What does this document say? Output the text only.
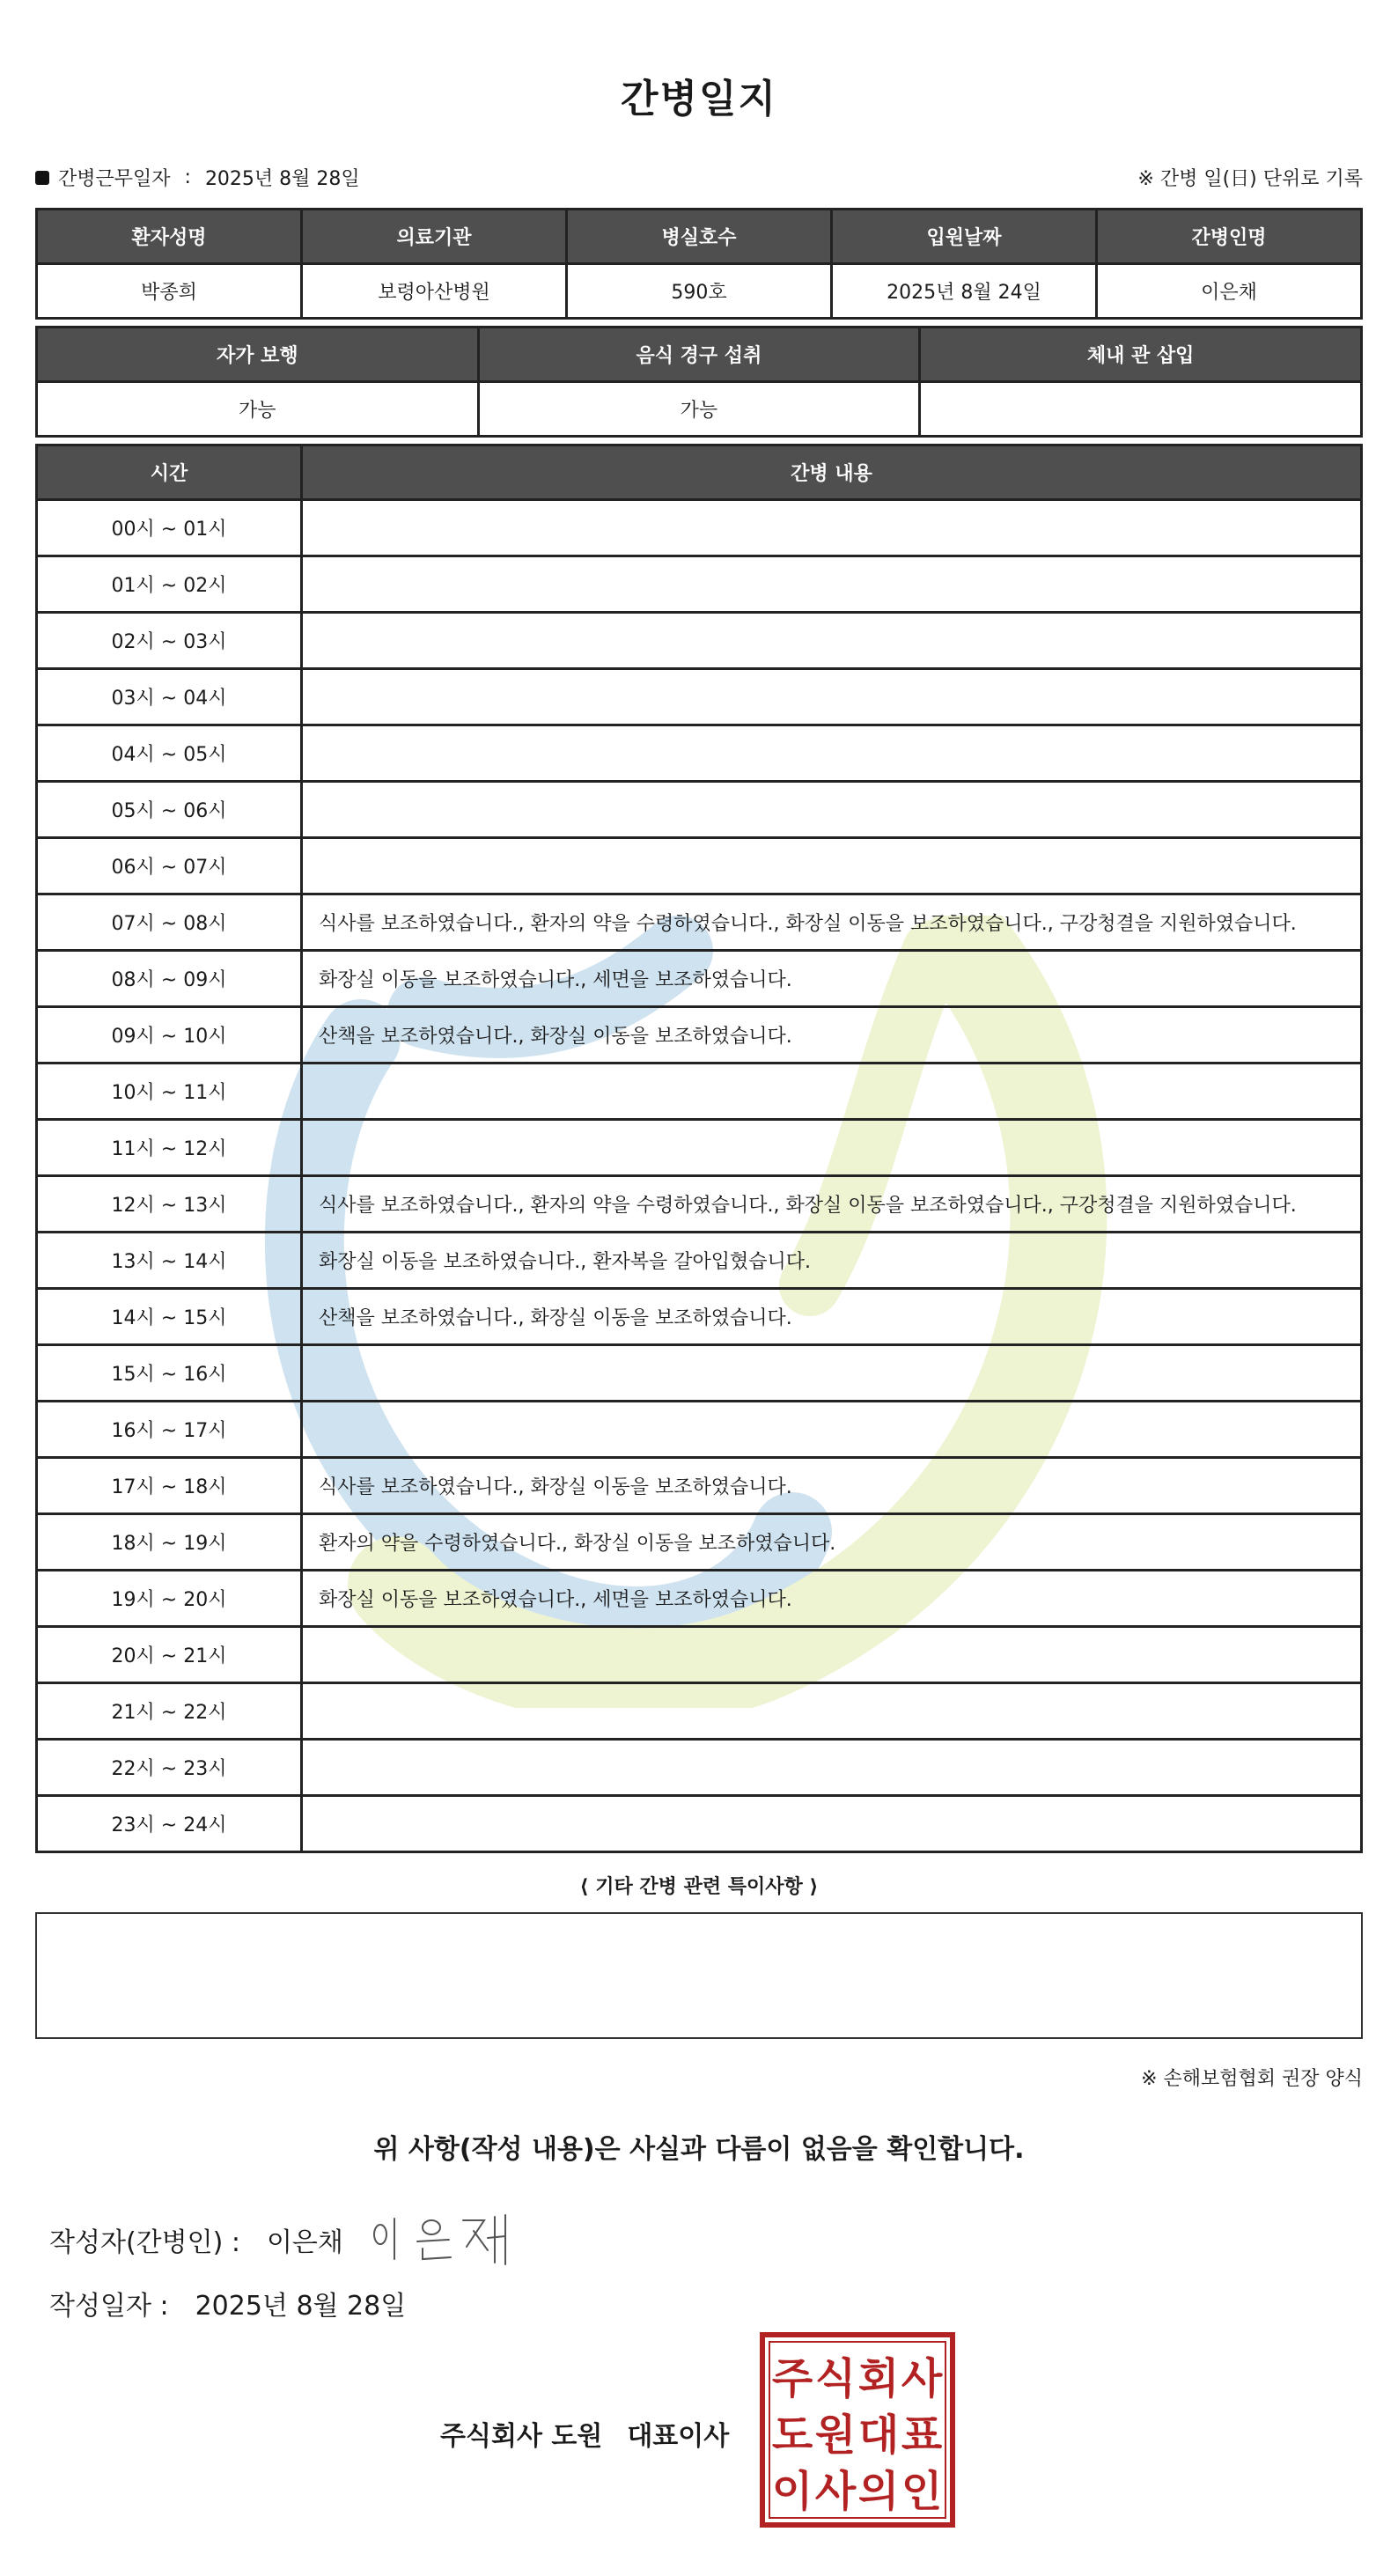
간병일지
간병근무일자 : 2025년 8월 28일	※ 간병 일(日) 단위로 기록
환자성명	의료기관	병실호수	입원날짜	간병인명
박종희	보령아산병원	590호	2025년 8월 24일	이은채
자가 보행	음식 경구 섭취	체내 관 삽입
가능	가능	
시간	간병 내용
00시 ~ 01시	
01시 ~ 02시	
02시 ~ 03시	
03시 ~ 04시	
04시 ~ 05시	
05시 ~ 06시	
06시 ~ 07시	
07시 ~ 08시	식사를 보조하였습니다., 환자의 약을 수령하였습니다., 화장실 이동을 보조하였습니다., 구강청결을 지원하였습니다.
08시 ~ 09시	화장실 이동을 보조하였습니다., 세면을 보조하였습니다.
09시 ~ 10시	산책을 보조하였습니다., 화장실 이동을 보조하였습니다.
10시 ~ 11시	
11시 ~ 12시	
12시 ~ 13시	식사를 보조하였습니다., 환자의 약을 수령하였습니다., 화장실 이동을 보조하였습니다., 구강청결을 지원하였습니다.
13시 ~ 14시	화장실 이동을 보조하였습니다., 환자복을 갈아입혔습니다.
14시 ~ 15시	산책을 보조하였습니다., 화장실 이동을 보조하였습니다.
15시 ~ 16시	
16시 ~ 17시	
17시 ~ 18시	식사를 보조하였습니다., 화장실 이동을 보조하였습니다.
18시 ~ 19시	환자의 약을 수령하였습니다., 화장실 이동을 보조하였습니다.
19시 ~ 20시	화장실 이동을 보조하였습니다., 세면을 보조하였습니다.
20시 ~ 21시	
21시 ~ 22시	
22시 ~ 23시	
23시 ~ 24시	
⟨ 기타 간병 관련 특이사항 ⟩
※ 손해보험협회 권장 양식
위 사항(작성 내용)은 사실과 다름이 없음을 확인합니다.
작성자(간병인) : 이은채
작성일자 : 2025년 8월 28일
주식회사 도원 대표이사
주 식 회 사
도 원 대 표
이 사 의 인
